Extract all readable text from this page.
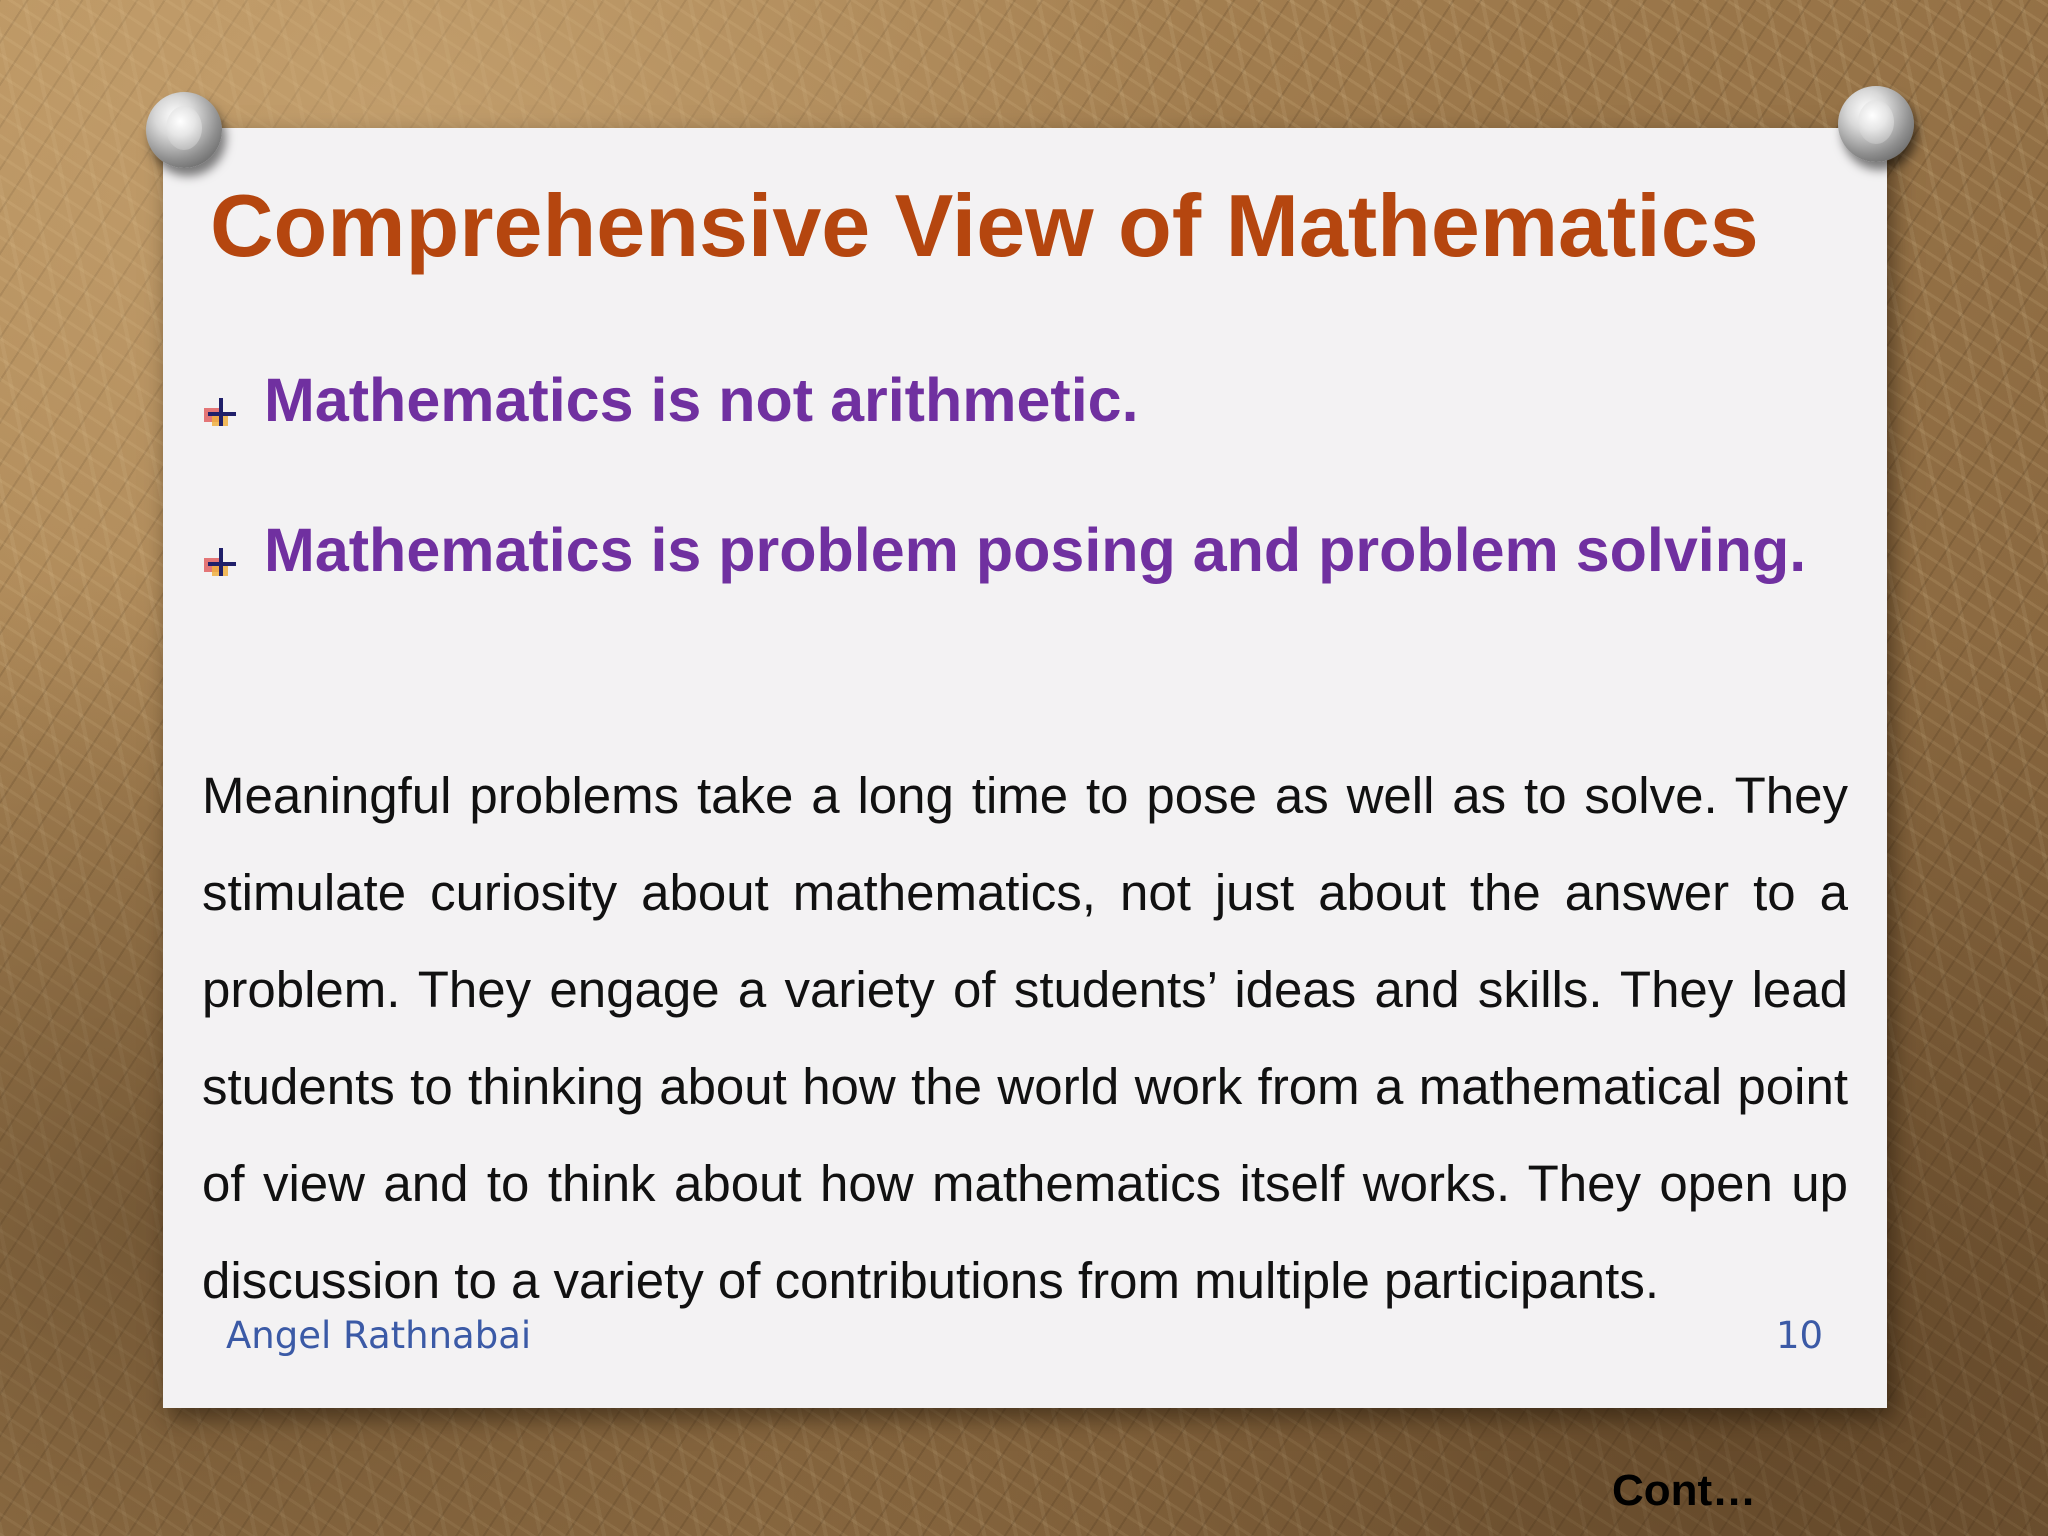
Comprehensive View of Mathematics
Mathematics is not arithmetic.
Mathematics is problem posing and problem solving.

Meaningful problems take a long time to pose as well as to solve. They stimulate curiosity about mathematics, not just about the answer to a problem. They engage a variety of students’ ideas and skills. They lead students to thinking about how the world work from a mathematical point of view and to think about how mathematics itself works. They open up discussion to a variety of contributions from multiple participants.

Angel Rathnabai	10
Cont…
